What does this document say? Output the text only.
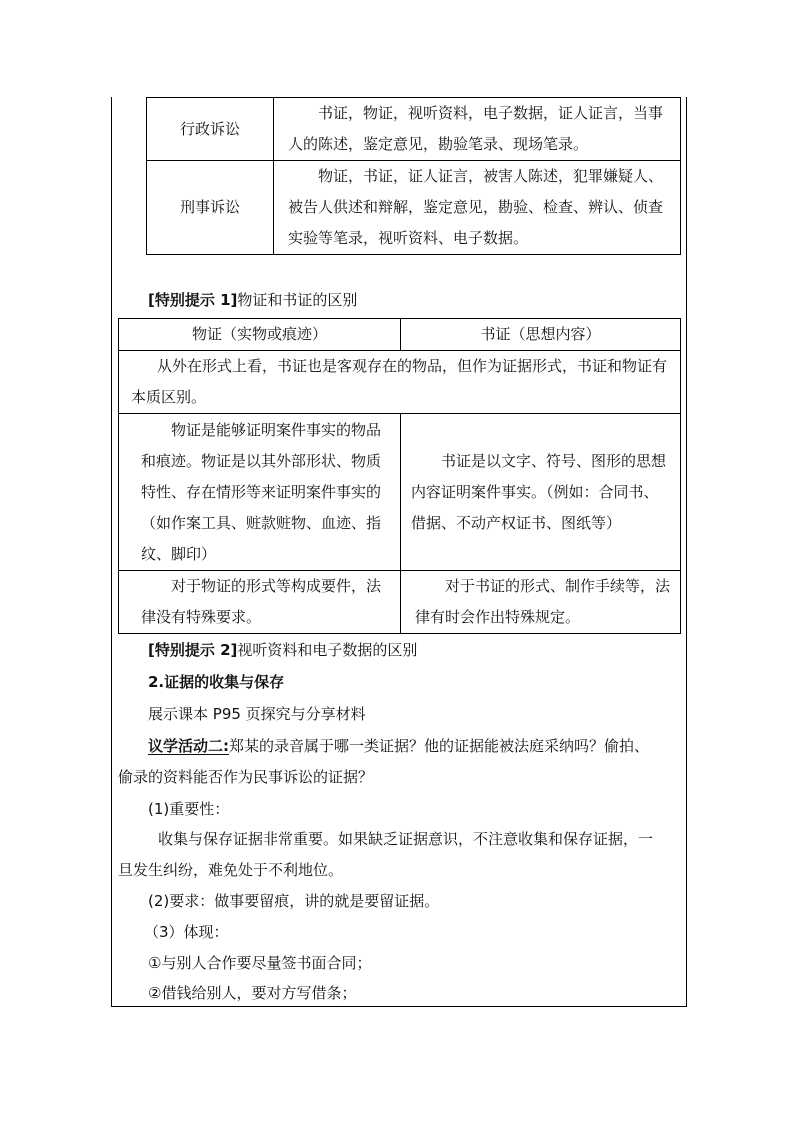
行政诉讼	书证，物证，视听资料，电子数据，证人证言，当事人的陈述，鉴定意见，勘验笔录、现场笔录。
刑事诉讼	物证，书证，证人证言，被害人陈述，犯罪嫌疑人、被告人供述和辩解，鉴定意见，勘验、检查、辨认、侦查实验等笔录，视听资料、电子数据。
[特别提示 1]物证和书证的区别
物证（实物或痕迹）	书证（思想内容）
从外在形式上看，书证也是客观存在的物品，但作为证据形式，书证和物证有本质区别。	
物证是能够证明案件事实的物品和痕迹。物证是以其外部形状、物质特性、存在情形等来证明案件事实的（如作案工具、赃款赃物、血迹、指纹、脚印）	书证是以文字、符号、图形的思想内容证明案件事实。（例如：合同书、借据、不动产权证书、图纸等）
对于物证的形式等构成要件，法律没有特殊要求。	对于书证的形式、制作手续等，法律有时会作出特殊规定。
[特别提示 2]视听资料和电子数据的区别
2.证据的收集与保存
展示课本 P95 页探究与分享材料
议学活动二:郑某的录音属于哪一类证据？他的证据能被法庭采纳吗？偷拍、
偷录的资料能否作为民事诉讼的证据？
(1)重要性：
收集与保存证据非常重要。如果缺乏证据意识，不注意收集和保存证据，一
旦发生纠纷，难免处于不利地位。
(2)要求：做事要留痕，讲的就是要留证据。
（3）体现：
①与别人合作要尽量签书面合同；
②借钱给别人，要对方写借条；
